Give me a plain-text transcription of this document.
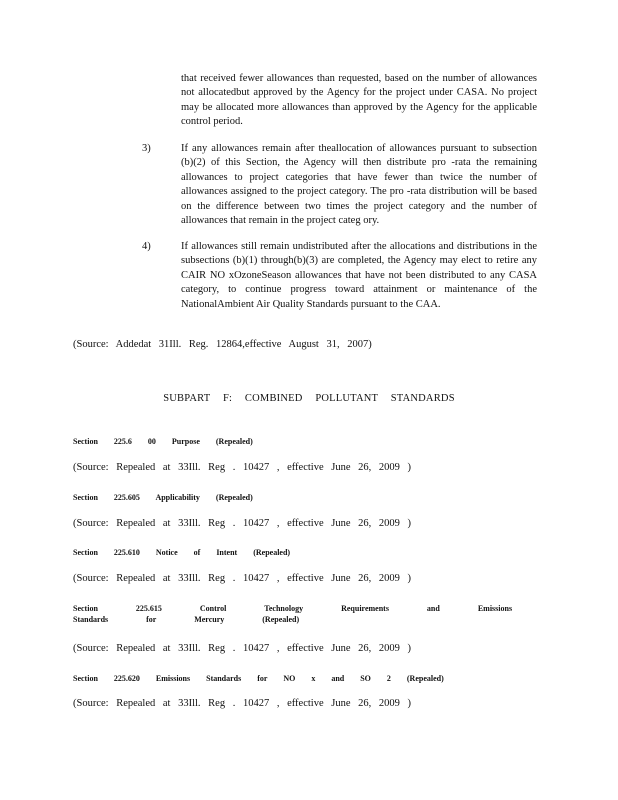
that received fewer allowances than requested, based on the number of allowances not allocatedbut approved by the Agency for the project under CASA. No project may be allocated more allowances than approved by the Agency for the applicable control period.
3)	If any allowances remain after theallocation of allowances pursuant to subsection (b)(2) of this Section, the Agency will then distribute pro -rata the remaining allowances to project categories that have fewer than twice the number of allowances assigned to the project category. The pro -rata distribution will be based on the difference between two times the project category and the number of allowances that remain in the project categ ory.
4)	If allowances still remain undistributed after the allocations and distributions in the subsections (b)(1) through(b)(3) are completed, the Agency may elect to retire any CAIR NO xOzoneSeason allowances that have not been distributed to any CASA category, to continue progress toward attainment or maintenance of the NationalAmbient Air Quality Standards pursuant to the CAA.
(Source: Addedat 31Ill. Reg. 12864,effective August 31, 2007)
SUBPART F: COMBINED POLLUTANT STANDARDS
Section 225.6 00 Purpose (Repealed)
(Source: Repealed at 33Ill. Reg . 10427 , effective June 26, 2009 )
Section 225.605 Applicability (Repealed)
(Source: Repealed at 33Ill. Reg . 10427 , effective June 26, 2009 )
Section 225.610 Notice of Intent (Repealed)
(Source: Repealed at 33Ill. Reg . 10427 , effective June 26, 2009 )
Section 225.615 Control Technology Requirements and Emissions Standards for Mercury (Repealed)
(Source: Repealed at 33Ill. Reg . 10427 , effective June 26, 2009 )
Section 225.620 Emissions Standards for NO x and SO 2 (Repealed)
(Source: Repealed at 33Ill. Reg . 10427 , effective June 26, 2009 )
